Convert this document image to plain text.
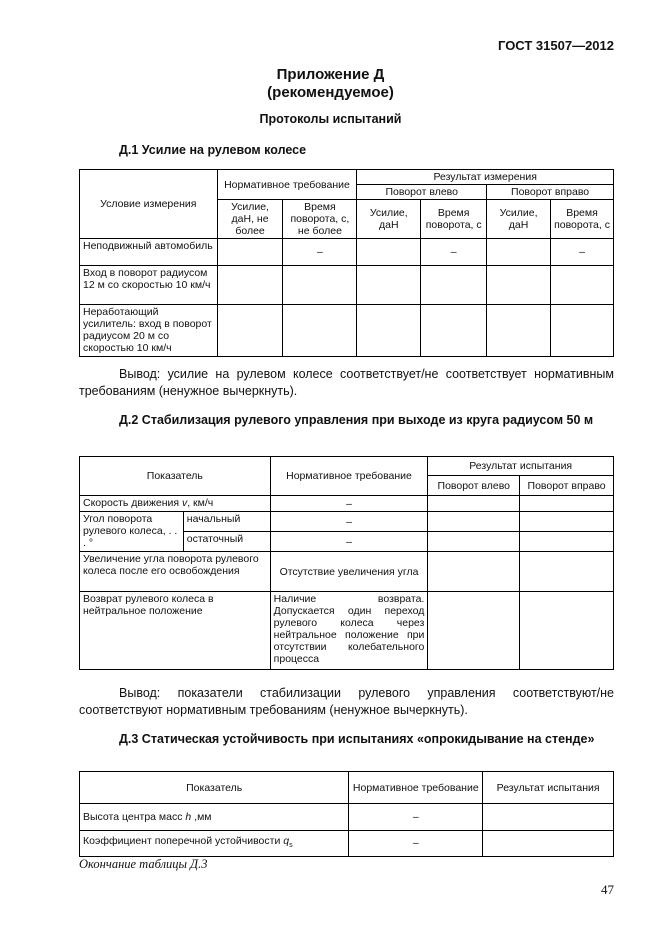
ГОСТ 31507—2012
Приложение Д
(рекомендуемое)
Протоколы испытаний
Д.1 Усилие на рулевом колесе
Условие измерения	Нормативное требование		Результат измерения			
			Поворот влево		Поворот вправо	
	Усилие, даН, не более	Время поворота, с, не более	Усилие, даН	Время поворота, с	Усилие, даН	Время поворота, с
Неподвижный автомобиль		–		–		–
Вход в поворот радиусом 12 м со скоростью 10 км/ч						
Неработающий усилитель: вход в поворот радиусом 20 м со скоростью 10 км/ч						
Вывод: усилие на рулевом колесе соответствует/не соответствует нормативным требованиям (ненужное вычеркнуть).
Д.2 Стабилизация рулевого управления при выходе из круга радиусом 50 м
Показатель		Нормативное требование	Результат испытания	
			Поворот влево	Поворот вправо
Скорость движения v, км/ч		–		
Угол поворота рулевого колеса, . . . °	начальный	–		
	остаточный	–		
Увеличение угла поворота рулевого колеса после его освобождения		Отсутствие увеличения угла		
Возврат рулевого колеса в нейтральное положение		Наличие возврата. Допускается один переход рулевого колеса через нейтральное положение при отсутствии колебательного процесса		
Вывод: показатели стабилизации рулевого управления соответствуют/не соответствуют нормативным требованиям (ненужное вычеркнуть).
Д.3 Статическая устойчивость при испытаниях «опрокидывание на стенде»
Показатель	Нормативное требование	Результат испытания
Высота центра масс h ,мм	–	
Коэффициент поперечной устойчивости $q_s$	–	
Окончание таблицы Д.3
47
